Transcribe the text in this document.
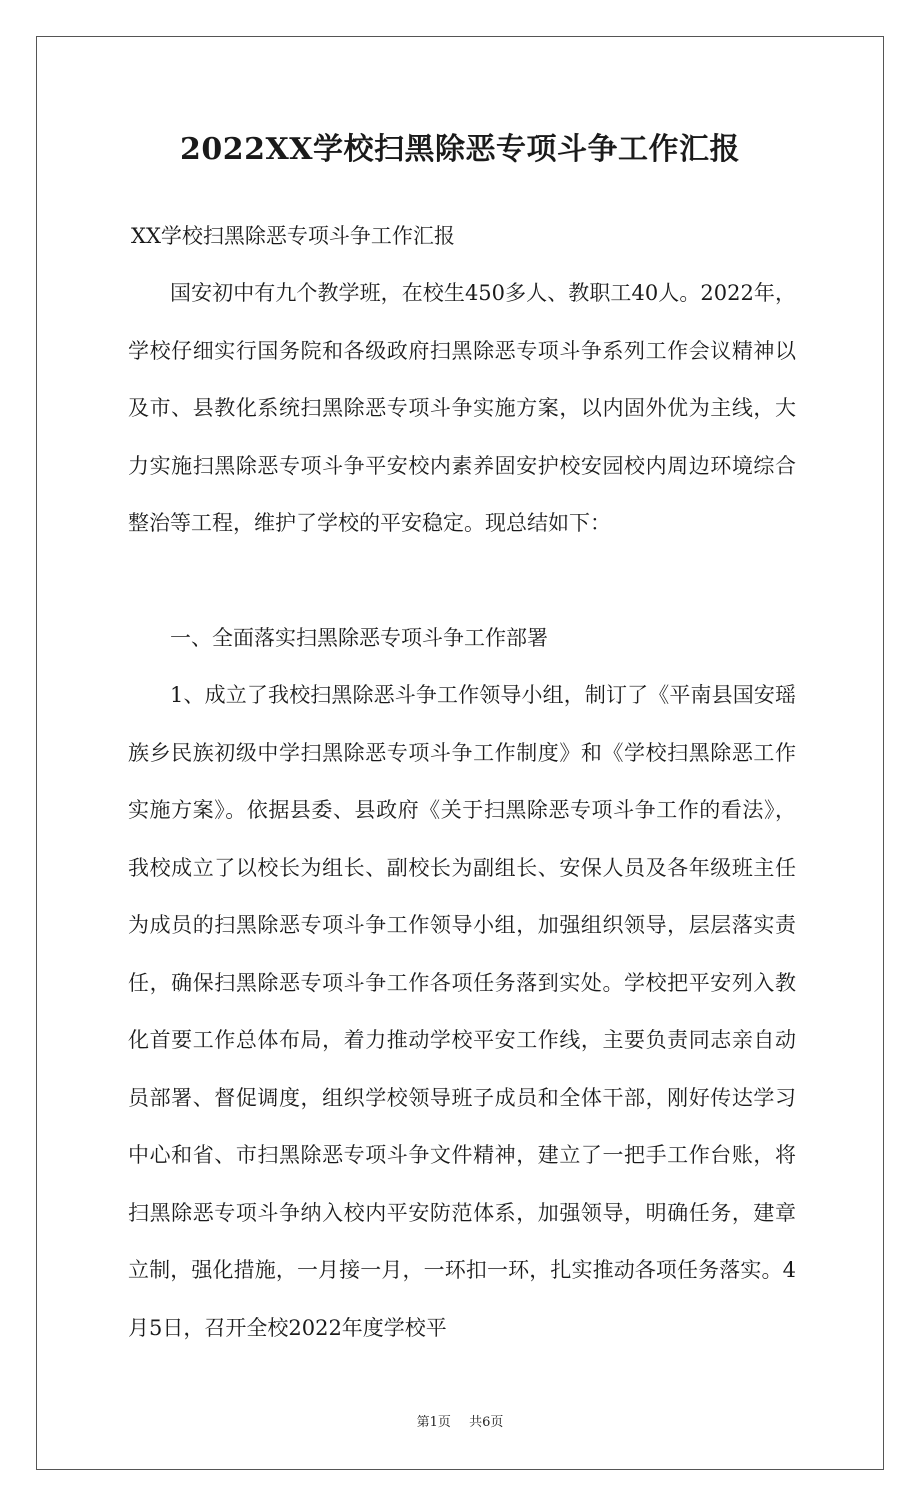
2022XX学校扫黑除恶专项斗争工作汇报

XX学校扫黑除恶专项斗争工作汇报

国安初中有九个教学班，在校生450多人、教职工40人。2022年，学校仔细实行国务院和各级政府扫黑除恶专项斗争系列工作会议精神以及市、县教化系统扫黑除恶专项斗争实施方案，以内固外优为主线，大力实施扫黑除恶专项斗争平安校内素养固安护校安园校内周边环境综合整治等工程，维护了学校的平安稳定。现总结如下：

一、全面落实扫黑除恶专项斗争工作部署

1、成立了我校扫黑除恶斗争工作领导小组，制订了《平南县国安瑶族乡民族初级中学扫黑除恶专项斗争工作制度》和《学校扫黑除恶工作实施方案》。依据县委、县政府《关于扫黑除恶专项斗争工作的看法》，我校成立了以校长为组长、副校长为副组长、安保人员及各年级班主任为成员的扫黑除恶专项斗争工作领导小组，加强组织领导，层层落实责任，确保扫黑除恶专项斗争工作各项任务落到实处。学校把平安列入教化首要工作总体布局，着力推动学校平安工作线，主要负责同志亲自动员部署、督促调度，组织学校领导班子成员和全体干部，刚好传达学习中心和省、市扫黑除恶专项斗争文件精神，建立了一把手工作台账，将扫黑除恶专项斗争纳入校内平安防范体系，加强领导，明确任务，建章立制，强化措施，一月接一月，一环扣一环，扎实推动各项任务落实。4月5日，召开全校2022年度学校平

第1页 共6页
